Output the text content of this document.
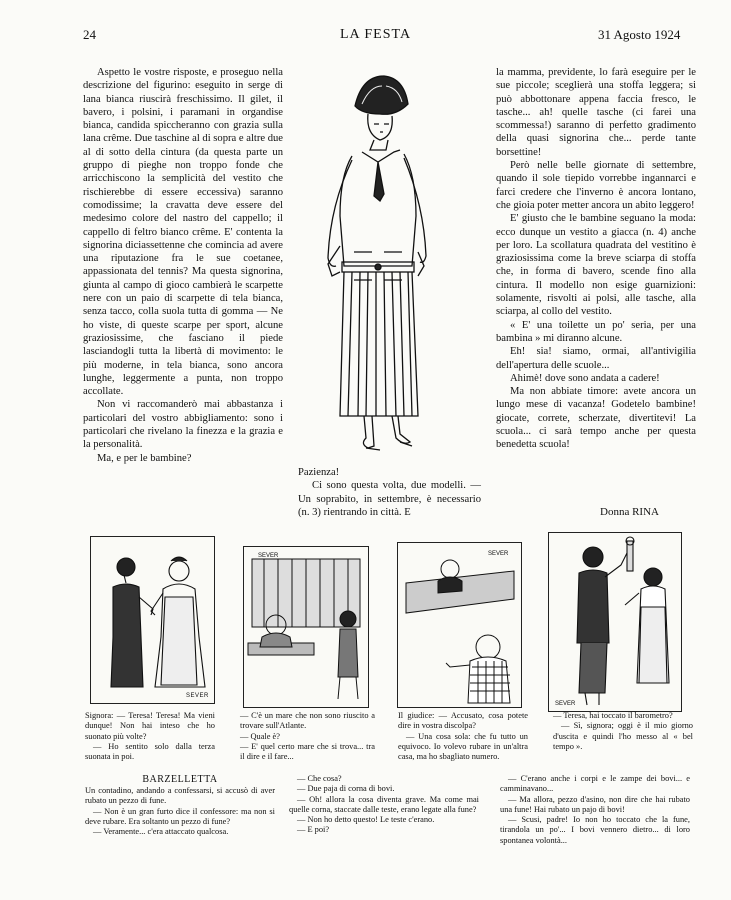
24	LA FESTA	31 Agosto 1924

Aspetto le vostre risposte, e proseguo nella descrizione del figurino: eseguito in serge di lana bianca riuscirà freschissimo. Il gilet, il bavero, i polsini, i paramani in organdise bianca, candida spiccheranno con grazia sulla lana crême. Due taschine al di sopra e altre due al di sotto della cintura (da questa parte un gruppo di pieghe non troppo fonde che arricchiscono la semplicità del vestito che rischierebbe di essere eccessiva) saranno comodissime; la cravatta deve essere del medesimo colore del nastro del cappello; il cappello di feltro bianco crême. E' contenta la signorina diciassettenne che comincia ad avere una riputazione fra le sue coetanee, appassionata del tennis? Ma questa signorina, giunta al campo di gioco cambierà le scarpette nere con un paio di scarpette di tela bianca, senza tacco, colla suola tutta di gomma — Ne ho viste, di queste scarpe per sport, alcune graziosissime, che fasciano il piede lasciandogli tutta la libertà di movimento: le più moderne, in tela bianca, sono ancora lunghe, leggermente a punta, non troppo accollate.

Non vi raccomanderò mai abbastanza i particolari del vostro abbigliamento: sono i particolari che rivelano la finezza e la grazia e la personalità.

Ma, e per le bambine?

Pazienza!

Ci sono questa volta, due modelli. — Un soprabito, in settembre, è necessario (n. 3) rientrando in città. E

la mamma, previdente, lo farà eseguire per le sue piccole; sceglierà una stoffa leggera; si può abbottonare appena faccia fresco, le tasche... ah! quelle tasche (ci farei una scommessa!) saranno di perfetto gradimento della quasi signorina che... perde tante borsettine!

Però nelle belle giornate di settembre, quando il sole tiepido vorrebbe ingannarci e farci credere che l'inverno è ancora lontano, che gioia poter metter ancora un abito leggero!

E' giusto che le bambine seguano la moda: ecco dunque un vestito a giacca (n. 4) anche per loro. La scollatura quadrata del vestitino è graziosissima come la breve sciarpa di stoffa che, in forma di bavero, scende fino alla cintura. Il modello non esige guarnizioni: solamente, risvolti ai polsi, alle tasche, alla sciarpa, al collo del vestito.

« E' una toilette un po' seria, per una bambina » mi diranno alcune.

Eh! sia! siamo, ormai, all'antivigilia dell'apertura delle scuole...

Ahimè! dove sono andata a cadere!

Ma non abbiate timore: avete ancora un lungo mese di vacanza! Godetelo bambine! giocate, correte, scherzate, divertitevi! La scuola... ci sarà tempo anche per questa benedetta scuola!

Donna RINA
SEVER
SEVER	SEVER
SEVER

Signora: — Teresa! Teresa! Ma vieni dunque! Non hai inteso che ho suonato più volte?

— Ho sentito solo dalla terza suonata in poi.

— C'è un mare che non sono riuscito a trovare sull'Atlante.

— Quale è?

— E' quel certo mare che si trova... tra il dire e il fare...

Il giudice: — Accusato, cosa potete dire in vostra discolpa?

— Una cosa sola: che fu tutto un equivoco. Io volevo rubare in un'altra casa, ma ho sbagliato numero.

— Teresa, hai toccato il barometro?

— Sì, signora; oggi è il mio giorno d'uscita e quindi l'ho messo al « bel tempo ».

BARZELLETTA

Un contadino, andando a confessarsi, si accusò di aver rubato un pezzo di fune.

— Non è un gran furto dice il confessore: ma non si deve rubare. Era soltanto un pezzo di fune?

— Veramente... c'era attaccato qualcosa.

— Che cosa?

— Due paja di corna di bovi.

— Oh! allora la cosa diventa grave. Ma come mai quelle corna, staccate dalle teste, erano legate alla fune?

— Non ho detto questo! Le teste c'erano.

— E poi?

— C'erano anche i corpi e le zampe dei bovi... e camminavano...

— Ma allora, pezzo d'asino, non dire che hai rubato una fune! Hai rubato un pajo di bovi!

— Scusi, padre! Io non ho toccato che la fune, tirandola un po'... I bovi vennero dietro... di loro spontanea volontà...
